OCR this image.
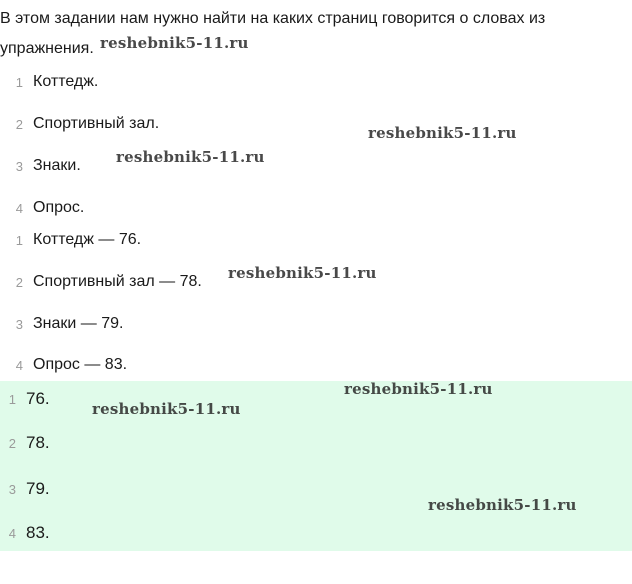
В этом задании нам нужно найти на каких страниц говорится о словах из упражнения.

1 Коттедж.
2 Спортивный зал.
3 Знаки.
4 Опрос.
1 Коттедж — 76.
2 Спортивный зал — 78.
3 Знаки — 79.
4 Опрос — 83.
1 76.
2 78.
3 79.
4 83.
reshebnik5-11.ru
reshebnik5-11.ru
reshebnik5-11.ru
reshebnik5-11.ru
reshebnik5-11.ru
reshebnik5-11.ru
reshebnik5-11.ru
